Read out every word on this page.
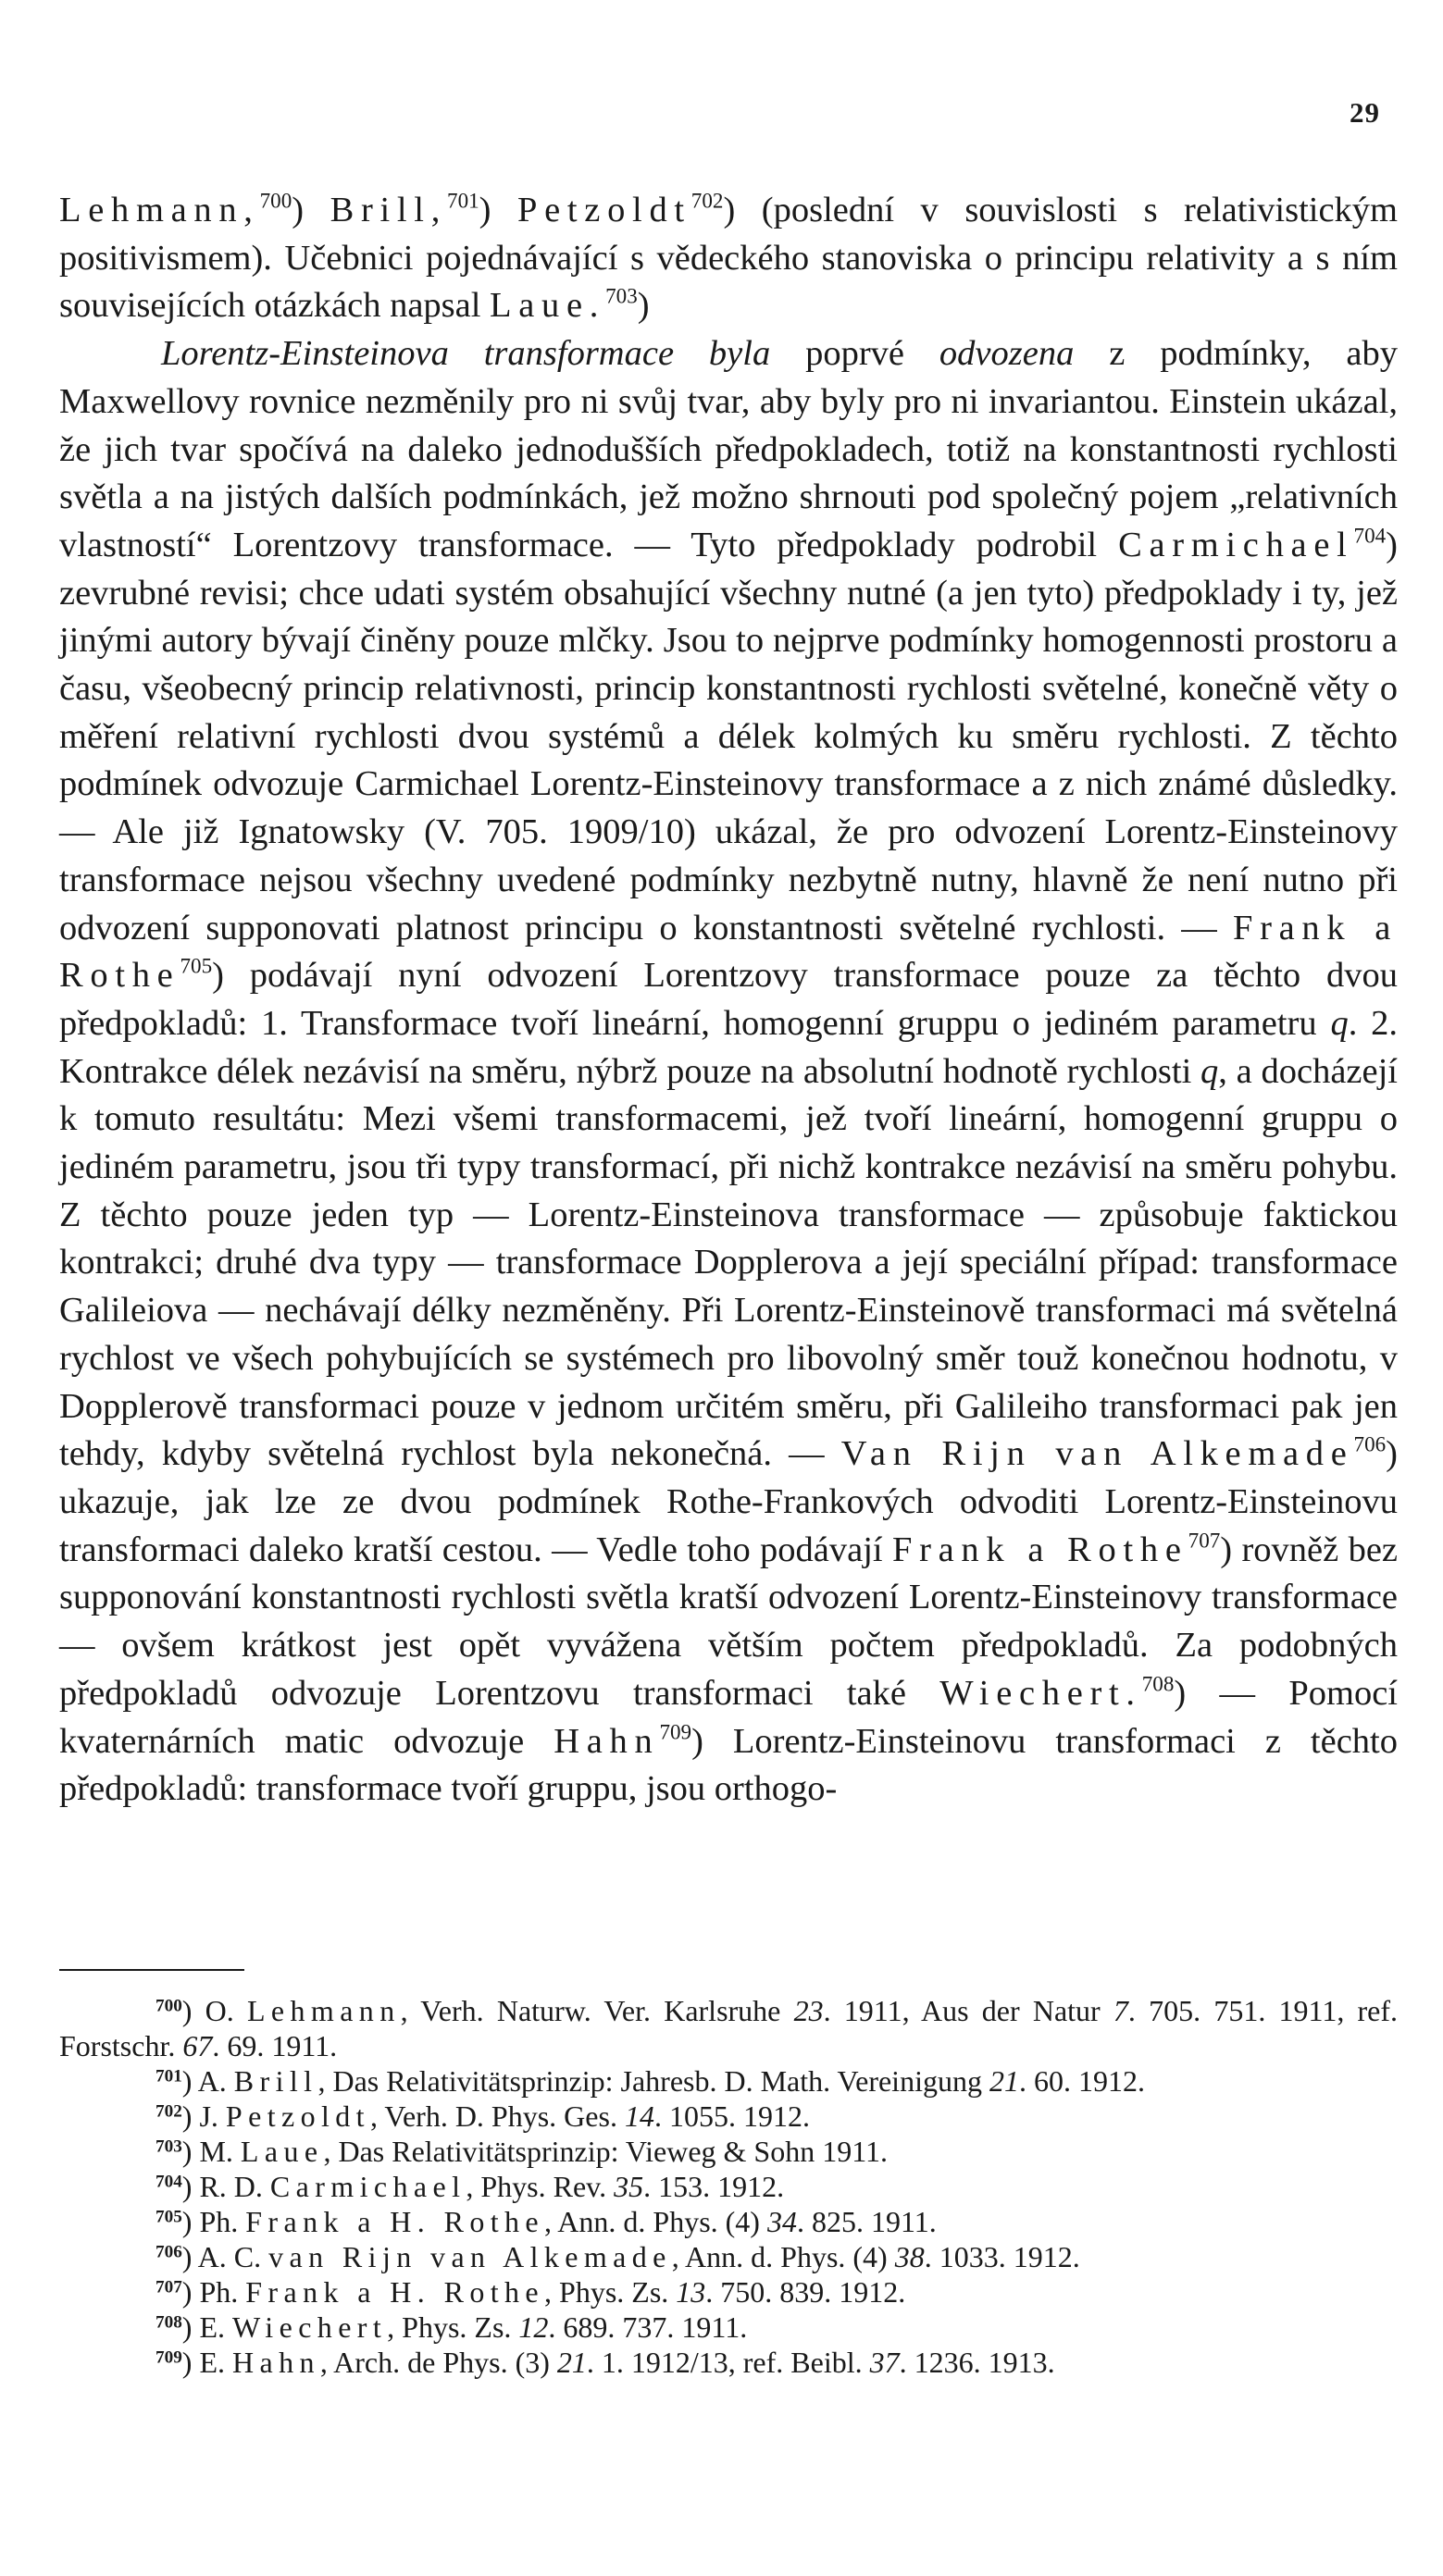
29

Lehmann,$^{700}$) Brill,$^{701}$) Petzoldt$^{702}$) (poslední v souvislosti s relativistickým positivismem). Učebnici pojednávající s vědeckého stanoviska o principu relativity a s ním souvisejících otázkách napsal Laue.$^{703}$)

Lorentz-Einsteinova transformace byla poprvé odvozena z podmínky, aby Maxwellovy rovnice nezměnily pro ni svůj tvar, aby byly pro ni invariantou. Einstein ukázal, že jich tvar spočívá na daleko jednodušších předpokladech, totiž na konstantnosti rychlosti světla a na jistých dalších podmínkách, jež možno shrnouti pod společný pojem „relativních vlastností“ Lorentzovy transformace. — Tyto předpoklady podrobil Carmichael$^{704}$) zevrubné revisi; chce udati systém obsahující všechny nutné (a jen tyto) předpoklady i ty, jež jinými autory bývají činěny pouze mlčky. Jsou to nejprve podmínky homogennosti prostoru a času, všeobecný princip relativnosti, princip konstantnosti rychlosti světelné, konečně věty o měření relativní rychlosti dvou systémů a délek kolmých ku směru rychlosti. Z těchto podmínek odvozuje Carmichael Lorentz-Einsteinovy transformace a z nich známé důsledky. — Ale již Ignatowsky (V. 705. 1909/10) ukázal, že pro odvození Lorentz-Einsteinovy transformace nejsou všechny uvedené podmínky nezbytně nutny, hlavně že není nutno při odvození supponovati platnost principu o konstantnosti světelné rychlosti. — Frank a Rothe$^{705}$) podávají nyní odvození Lorentzovy transformace pouze za těchto dvou předpokladů: 1. Transformace tvoří lineární, homogenní gruppu o jediném parametru q. 2. Kontrakce délek nezávisí na směru, nýbrž pouze na absolutní hodnotě rychlosti q, a docházejí k tomuto resultátu: Mezi všemi transformacemi, jež tvoří lineární, homogenní gruppu o jediném parametru, jsou tři typy transformací, při nichž kontrakce nezávisí na směru pohybu. Z těchto pouze jeden typ — Lorentz-Einsteinova transformace — způsobuje faktickou kontrakci; druhé dva typy — transformace Dopplerova a její speciální případ: transformace Galileiova — nechávají délky nezměněny. Při Lorentz-Einsteinově transformaci má světelná rychlost ve všech pohybujících se systémech pro libovolný směr touž konečnou hodnotu, v Dopplerově transformaci pouze v jednom určitém směru, při Galileiho transformaci pak jen tehdy, kdyby světelná rychlost byla nekonečná. — Van Rijn van Alkemade$^{706}$) ukazuje, jak lze ze dvou podmínek Rothe-Frankových odvoditi Lorentz-Einsteinovu transformaci daleko kratší cestou. — Vedle toho podávají Frank a Rothe$^{707}$) rovněž bez supponování konstantnosti rychlosti světla kratší odvození Lorentz-Einsteinovy transformace — ovšem krátkost jest opět vyvážena větším počtem předpokladů. Za podobných předpokladů odvozuje Lorentzovu transformaci také Wiechert.$^{708}$) — Pomocí kvaternárních matic odvozuje Hahn$^{709}$) Lorentz-Einsteinovu transformaci z těchto předpokladů: transformace tvoří gruppu, jsou orthogo-

$^{700}$) O. Lehmann, Verh. Naturw. Ver. Karlsruhe 23. 1911, Aus der Natur 7. 705. 751. 1911, ref. Forstschr. 67. 69. 1911.

$^{701}$) A. Brill, Das Relativitätsprinzip: Jahresb. D. Math. Vereinigung 21. 60. 1912.

$^{702}$) J. Petzoldt, Verh. D. Phys. Ges. 14. 1055. 1912.

$^{703}$) M. Laue, Das Relativitätsprinzip: Vieweg & Sohn 1911.

$^{704}$) R. D. Carmichael, Phys. Rev. 35. 153. 1912.

$^{705}$) Ph. Frank a H. Rothe, Ann. d. Phys. (4) 34. 825. 1911.

$^{706}$) A. C. van Rijn van Alkemade, Ann. d. Phys. (4) 38. 1033. 1912.

$^{707}$) Ph. Frank a H. Rothe, Phys. Zs. 13. 750. 839. 1912.

$^{708}$) E. Wiechert, Phys. Zs. 12. 689. 737. 1911.

$^{709}$) E. Hahn, Arch. de Phys. (3) 21. 1. 1912/13, ref. Beibl. 37. 1236. 1913.
